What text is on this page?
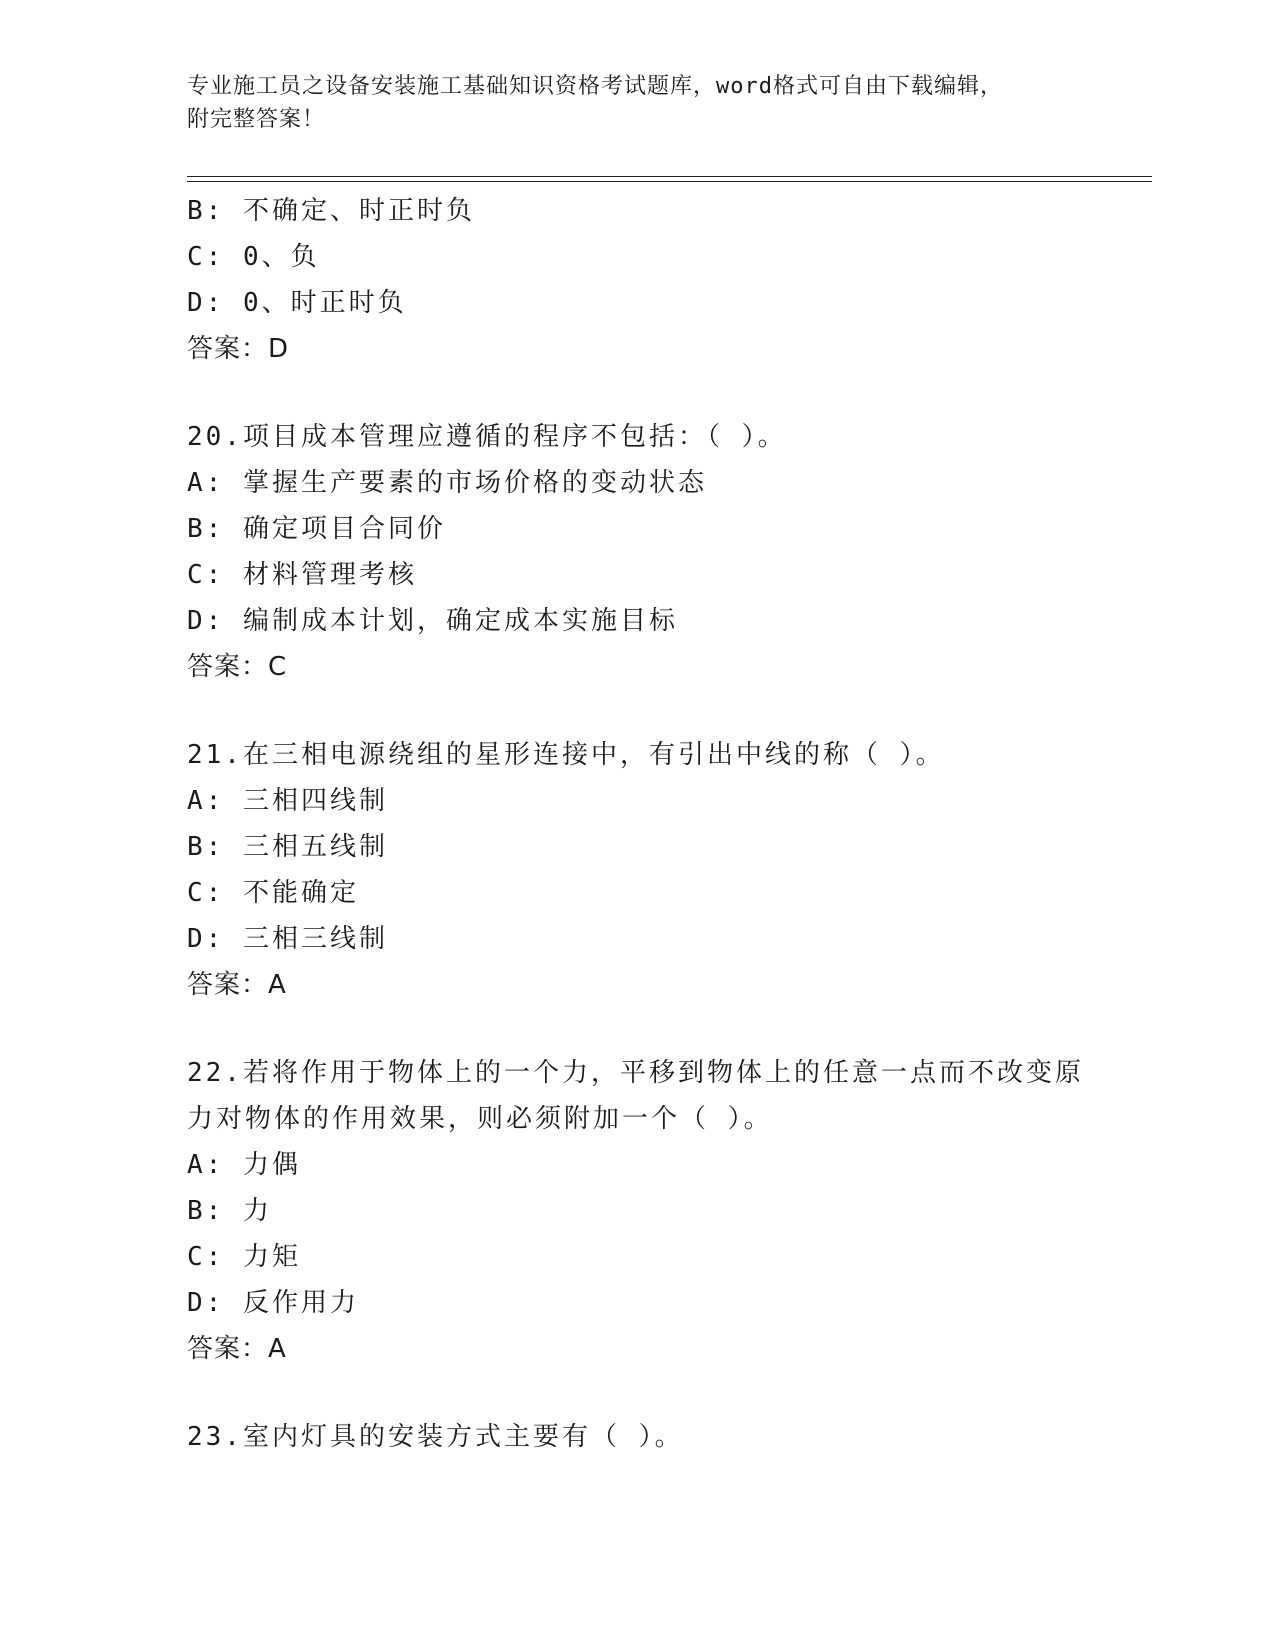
专业施工员之设备安装施工基础知识资格考试题库，word格式可自由下载编辑，
附完整答案！
B: 不确定、时正时负
C: 0、负
D: 0、时正时负
答案：D
20.项目成本管理应遵循的程序不包括：（ ）。
A: 掌握生产要素的市场价格的变动状态
B: 确定项目合同价
C: 材料管理考核
D: 编制成本计划，确定成本实施目标
答案：C
21.在三相电源绕组的星形连接中，有引出中线的称（ ）。
A: 三相四线制
B: 三相五线制
C: 不能确定
D: 三相三线制
答案：A
22.若将作用于物体上的一个力，平移到物体上的任意一点而不改变原
力对物体的作用效果，则必须附加一个（ ）。
A: 力偶
B: 力
C: 力矩
D: 反作用力
答案：A
23.室内灯具的安装方式主要有（ ）。
